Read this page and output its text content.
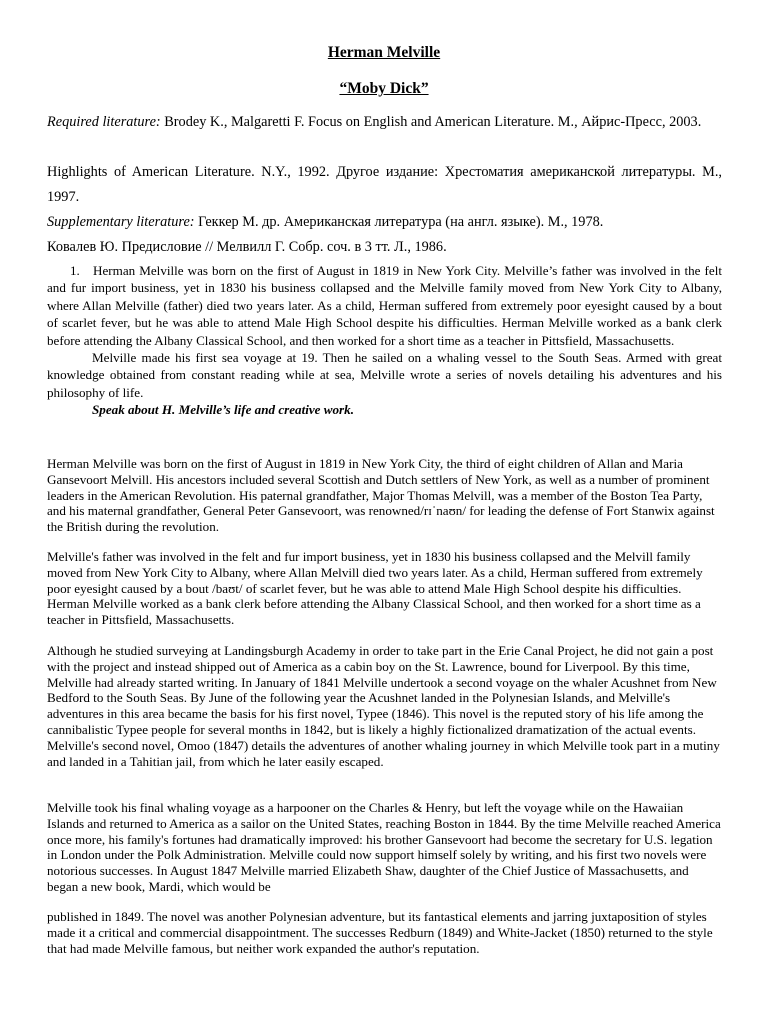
Herman Melville
“Moby Dick”
Required literature: Brodey K., Malgaretti F. Focus on English and American Literature. M., Айрис-Пресс, 2003.
Highlights of American Literature. N.Y., 1992. Другое издание: Хрестоматия американской литературы. М., 1997.
Supplementary literature: Геккер М. др. Американская литература (на англ. языке). М., 1978.
Ковалев Ю. Предисловие // Мелвилл Г. Собр. соч. в 3 тт. Л., 1986.

1. Herman Melville was born on the first of August in 1819 in New York City. Melville’s father was involved in the felt and fur import business, yet in 1830 his business collapsed and the Melville family moved from New York City to Albany, where Allan Melville (father) died two years later. As a child, Herman suffered from extremely poor eyesight caused by a bout of scarlet fever, but he was able to attend Male High School despite his difficulties. Herman Melville worked as a bank clerk before attending the Albany Classical School, and then worked for a short time as a teacher in Pittsfield, Massachusetts.

Melville made his first sea voyage at 19. Then he sailed on a whaling vessel to the South Seas. Armed with great knowledge obtained from constant reading while at sea, Melville wrote a series of novels detailing his adventures and his philosophy of life.

Speak about H. Melville’s life and creative work.

Herman Melville was born on the first of August in 1819 in New York City, the third of eight children of Allan and Maria Gansevoort Melvill. His ancestors included several Scottish and Dutch settlers of New York, as well as a number of prominent leaders in the American Revolution. His paternal grandfather, Major Thomas Melvill, was a member of the Boston Tea Party, and his maternal grandfather, General Peter Gansevoort, was renowned/rɪˈnaʊn/ for leading the defense of Fort Stanwix against the British during the revolution.

Melville's father was involved in the felt and fur import business, yet in 1830 his business collapsed and the Melvill family moved from New York City to Albany, where Allan Melvill died two years later. As a child, Herman suffered from extremely poor eyesight caused by a bout /baʊt/ of scarlet fever, but he was able to attend Male High School despite his difficulties. Herman Melville worked as a bank clerk before attending the Albany Classical School, and then worked for a short time as a teacher in Pittsfield, Massachusetts.

Although he studied surveying at Landingsburgh Academy in order to take part in the Erie Canal Project, he did not gain a post with the project and instead shipped out of America as a cabin boy on the St. Lawrence, bound for Liverpool. By this time, Melville had already started writing. In January of 1841 Melville undertook a second voyage on the whaler Acushnet from New Bedford to the South Seas. By June of the following year the Acushnet landed in the Polynesian Islands, and Melville's adventures in this area became the basis for his first novel, Typee (1846). This novel is the reputed story of his life among the cannibalistic Typee people for several months in 1842, but is likely a highly fictionalized dramatization of the actual events. Melville's second novel, Omoo (1847) details the adventures of another whaling journey in which Melville took part in a mutiny and landed in a Tahitian jail, from which he later easily escaped.

Melville took his final whaling voyage as a harpooner on the Charles & Henry, but left the voyage while on the Hawaiian Islands and returned to America as a sailor on the United States, reaching Boston in 1844. By the time Melville reached America once more, his family's fortunes had dramatically improved: his brother Gansevoort had become the secretary for U.S. legation in London under the Polk Administration. Melville could now support himself solely by writing, and his first two novels were notorious successes. In August 1847 Melville married Elizabeth Shaw, daughter of the Chief Justice of Massachusetts, and began a new book, Mardi, which would be

published in 1849. The novel was another Polynesian adventure, but its fantastical elements and jarring juxtaposition of styles made it a critical and commercial disappointment. The successes Redburn (1849) and White-Jacket (1850) returned to the style that had made Melville famous, but neither work expanded the author's reputation.
